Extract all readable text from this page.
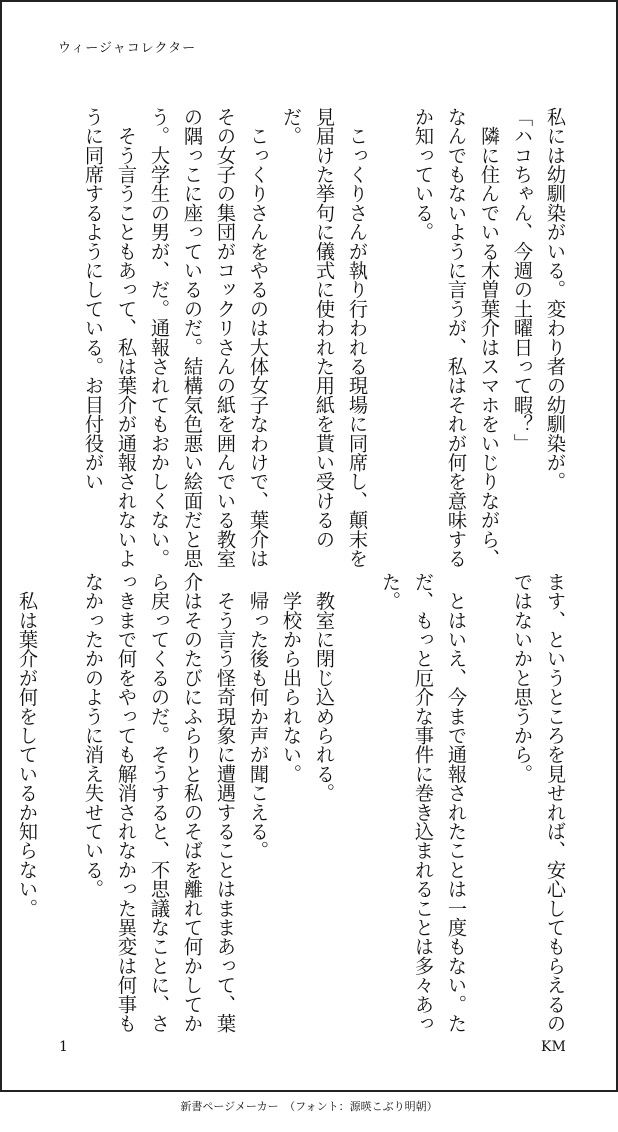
ウィージャコレクター

私には幼馴染がいる。変わり者の幼馴染が。

「ハコちゃん、今週の土曜日って暇？」

　隣に住んでいる木曽葉介はスマホをいじりながら、なんでもないように言うが、私はそれが何を意味するか知っている。

　こっくりさんが執り行われる現場に同席し、顛末を見届けた挙句に儀式に使われた用紙を貰い受けるのだ。

　こっくりさんをやるのは大体女子なわけで、葉介はその女子の集団がコックリさんの紙を囲んでいる教室の隅っこに座っているのだ。結構気色悪い絵面だと思う。大学生の男が、だ。通報されてもおかしくない。

　そう言うこともあって、私は葉介が通報されないように同席するようにしている。お目付役がい

ます、というところを見せれば、安心してもらえるのではないかと思うから。

　とはいえ、今まで通報されたことは一度もない。ただ、もっと厄介な事件に巻き込まれることは多々あった。

　教室に閉じ込められる。

　学校から出られない。

　帰った後も何か声が聞こえる。

　そう言う怪奇現象に遭遇することはままあって、葉介はそのたびにふらりと私のそばを離れて何かしてから戻ってくるのだ。そうすると、不思議なことに、さっきまで何をやっても解消されなかった異変は何事もなかったかのように消え失せている。

　私は葉介が何をしているか知らない。

1	KM
新書ページメーカー　（フォント：源暎こぶり明朝）
